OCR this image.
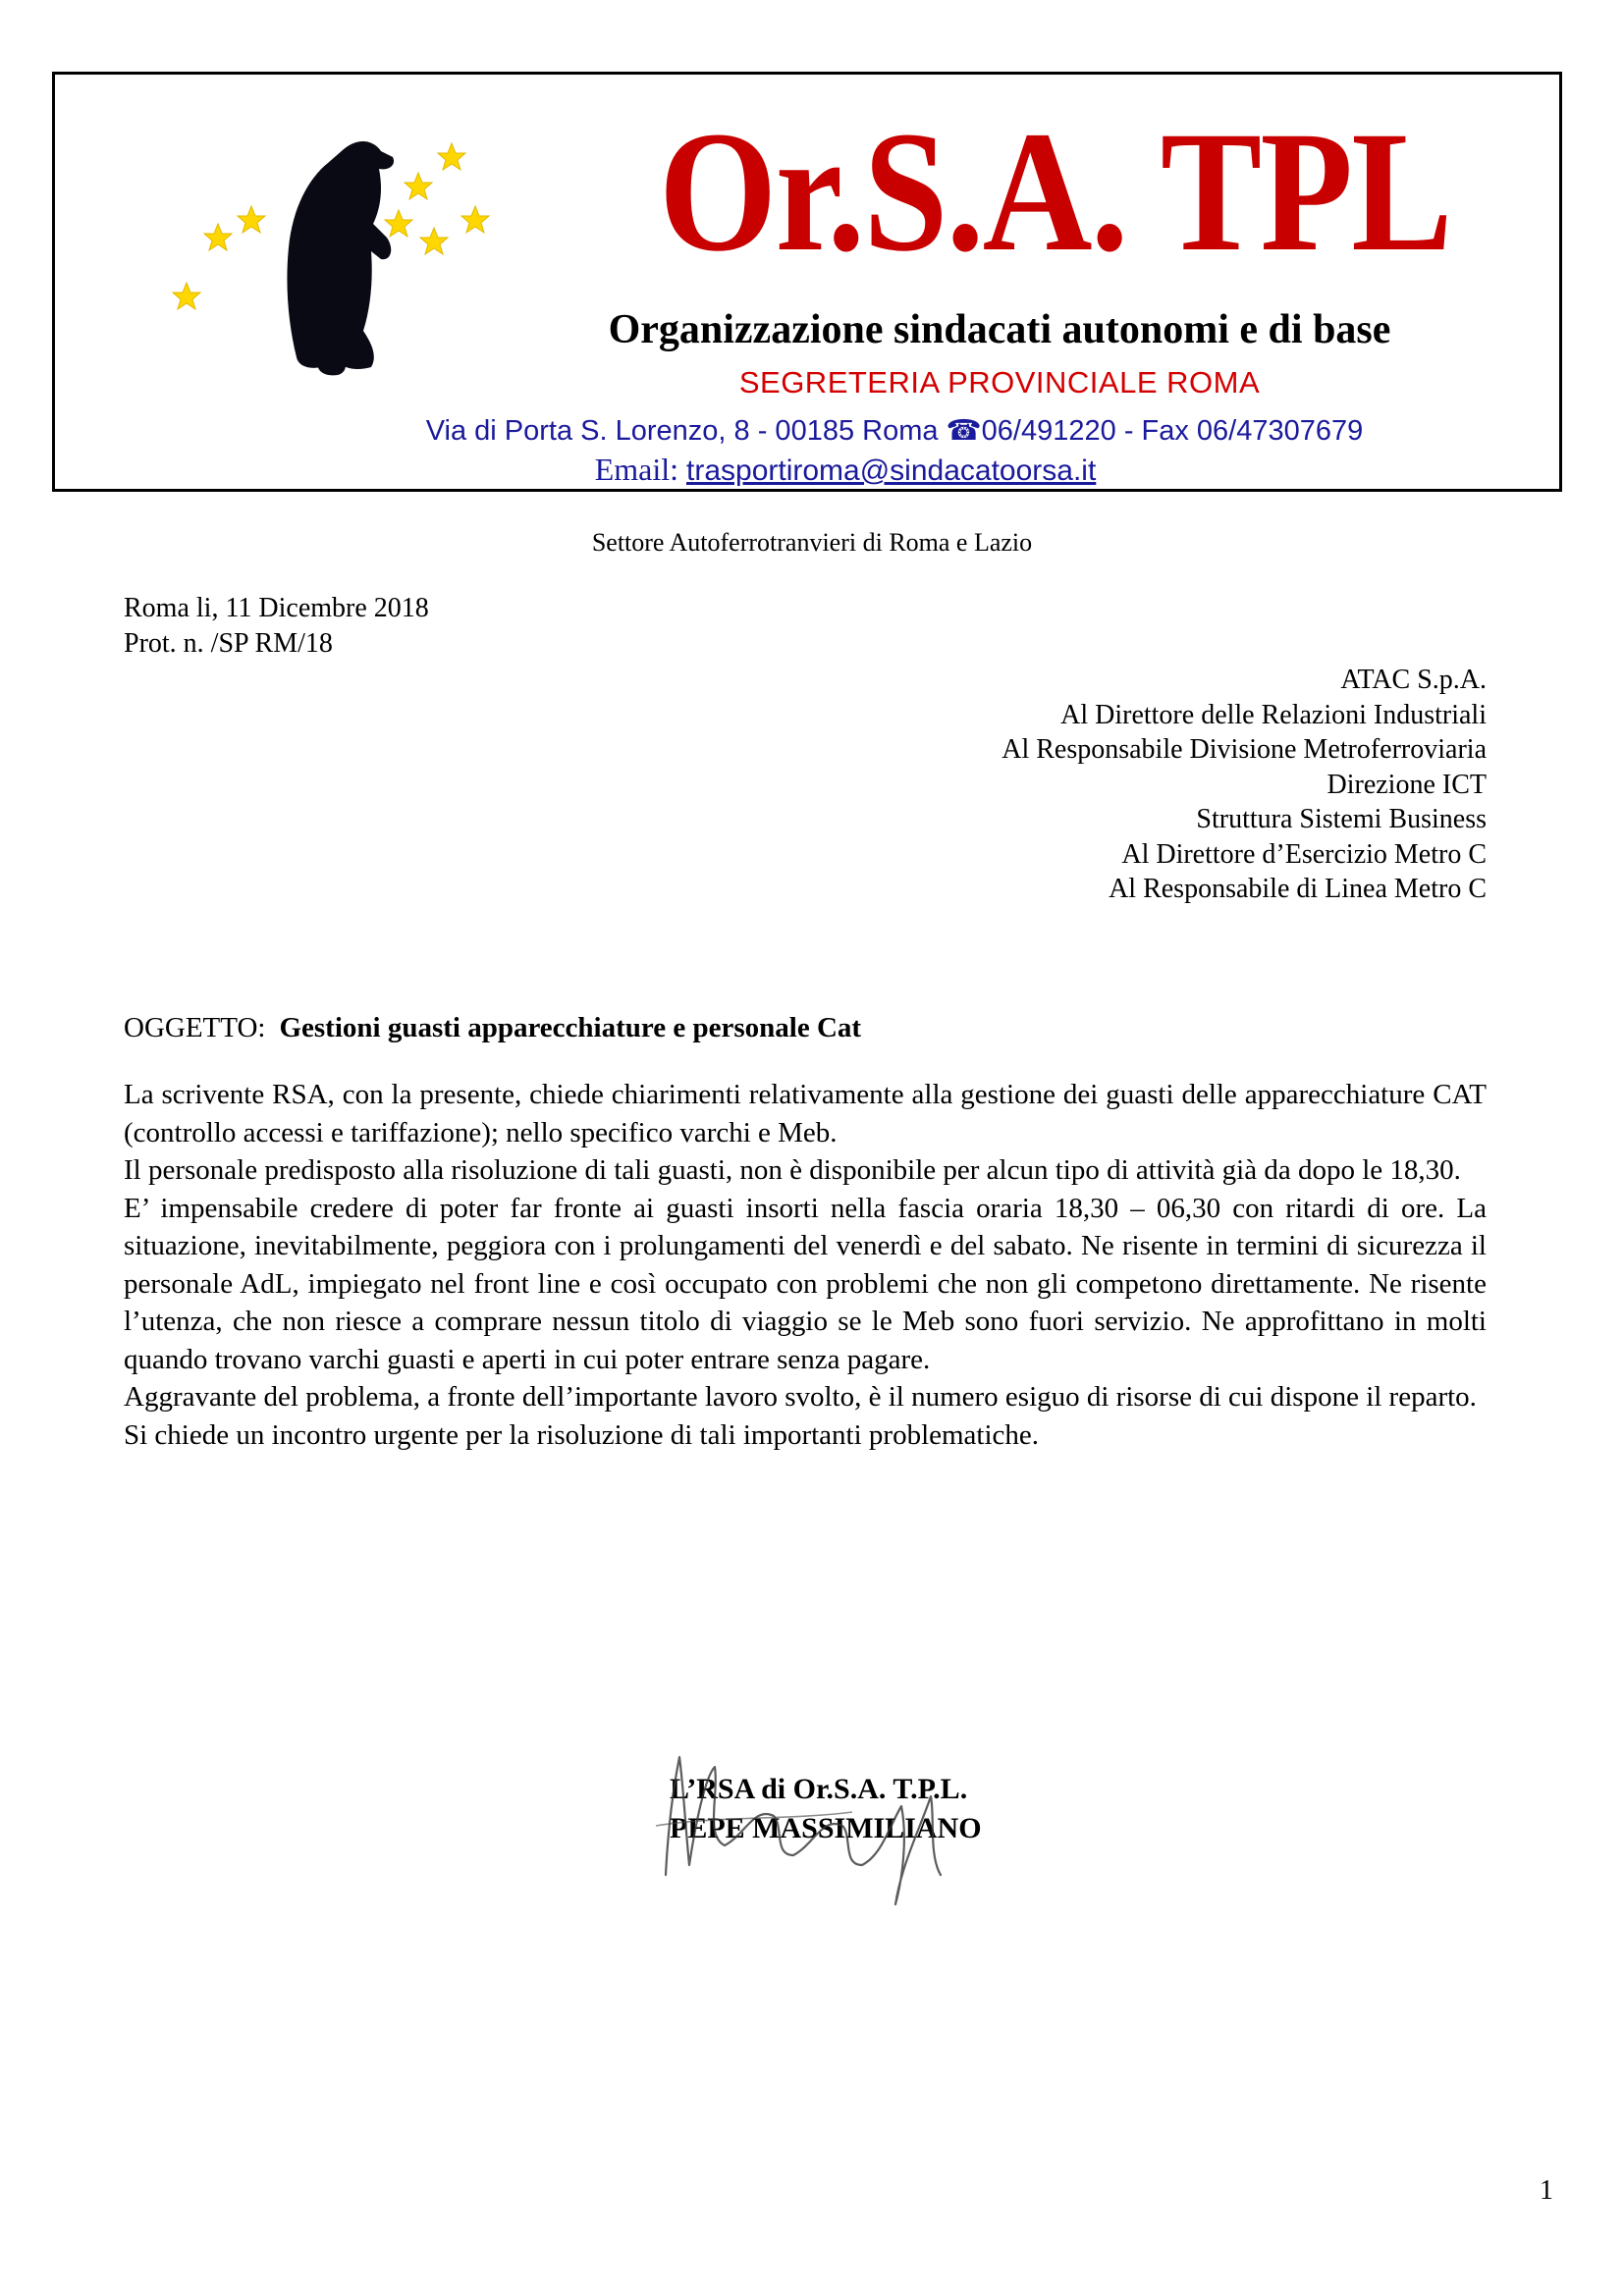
Or.S.A. TPL
Organizzazione sindacati autonomi e di base
SEGRETERIA PROVINCIALE ROMA
Via di Porta S. Lorenzo, 8 - 00185 Roma ☎06/491220 - Fax 06/47307679
Email: trasportiroma@sindacatoorsa.it
Settore Autoferrotranvieri di Roma e Lazio
Roma li, 11 Dicembre 2018
Prot. n. /SP RM/18
ATAC S.p.A.
Al Direttore delle Relazioni Industriali
Al Responsabile Divisione Metroferroviaria
Direzione ICT
Struttura Sistemi Business
Al Direttore d’Esercizio Metro C
Al Responsabile di Linea Metro C
OGGETTO: Gestioni guasti apparecchiature e personale Cat

La scrivente RSA, con la presente, chiede chiarimenti relativamente alla gestione dei guasti delle apparecchiature CAT (controllo accessi e tariffazione); nello specifico varchi e Meb.

Il personale predisposto alla risoluzione di tali guasti, non è disponibile per alcun tipo di attività già da dopo le 18,30.

E’ impensabile credere di poter far fronte ai guasti insorti nella fascia oraria 18,30 – 06,30 con ritardi di ore. La situazione, inevitabilmente, peggiora con i prolungamenti del venerdì e del sabato. Ne risente in termini di sicurezza il personale AdL, impiegato nel front line e così occupato con problemi che non gli competono direttamente. Ne risente l’utenza, che non riesce a comprare nessun titolo di viaggio se le Meb sono fuori servizio. Ne approfittano in molti quando trovano varchi guasti e aperti in cui poter entrare senza pagare.

Aggravante del problema, a fronte dell’importante lavoro svolto, è il numero esiguo di risorse di cui dispone il reparto.

Si chiede un incontro urgente per la risoluzione di tali importanti problematiche.

L’RSA di Or.S.A. T.P.L.
PEPE MASSIMILIANO
1
